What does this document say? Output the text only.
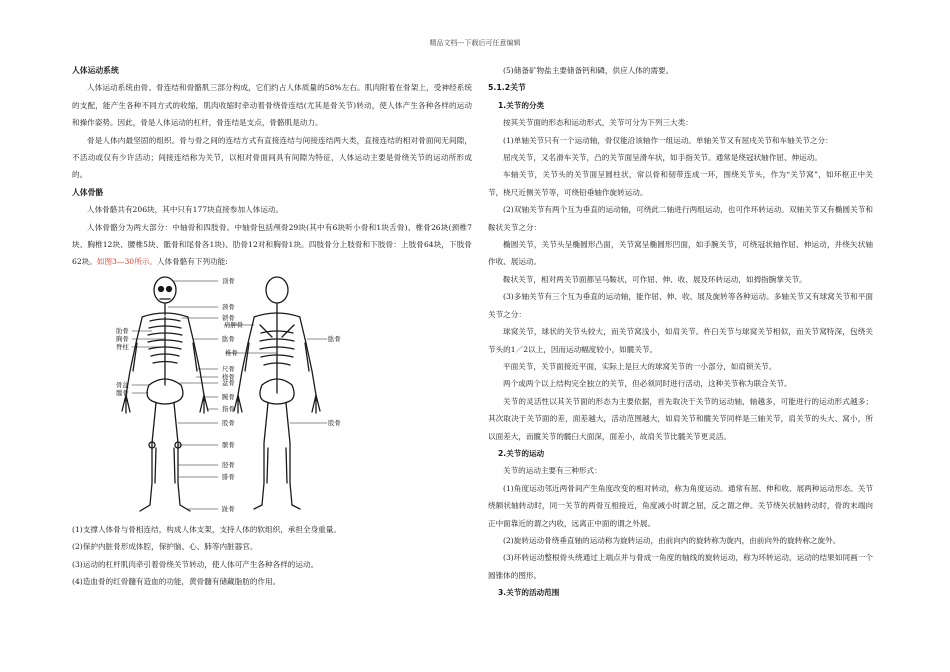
精品文档---下载后可任意编辑

人体运动系统

人体运动系统由骨、骨连结和骨骼肌三部分构成，它们约占人体质量的58%左右。肌肉附着在骨架上，受神经系统的支配，能产生各种不同方式的收缩，肌肉收缩时牵动着骨绕骨连结(尤其是骨关节)转动，使人体产生各种各样的运动和操作姿势。因此，骨是人体运动的杠杆，骨连结是支点，骨骼肌是动力。

骨是人体内最坚固的组织。骨与骨之间的连结方式有直接连结与间接连结两大类，直接连结的相对骨面间无间隙，不活动或仅有少许活动；间接连结称为关节，以相对骨面间具有间隙为特征，人体运动主要是骨绕关节的运动所形成的。

人体骨骼

人体骨骼共有206块，其中只有177块直接参加人体运动。

人体骨骼分为两大部分：中轴骨和四肢骨。中轴骨包括颅骨29块(其中有6块听小骨和1块舌骨)、椎骨26块(颈椎7块、胸椎12块、腰椎5块、骶骨和尾骨各1块)、肋骨12对和胸骨1块。四肢骨分上肢骨和下肢骨：上肢骨64块，下肢骨62块。如图3—30所示。人体骨骼有下列功能:

顶骨
颈骨
锁骨
肩胛骨
肱骨
椎骨
盆骨
尺骨
桡骨
腕骨
指骨
股骨
髌骨
胫骨
腓骨
趾骨
肋骨
胸骨
脊柱
骨盆
髋骨
肱骨
股骨

(1)支撑人体骨与骨相连结，构成人体支架，支持人体的软组织，承担全身重量。

(2)保护内脏骨形成体腔，保护脑、心、肺等内脏器官。

(3)运动的杠杆肌肉牵引着骨绕关节转动，使人体可产生各种各样的运动。

(4)造血骨的红骨髓有造血的功能，黄骨髓有储藏脂肪的作用。

(5)储备矿物盐主要储备钙和磷，供应人体的需要。

5.1.2关节

1.关节的分类

按其关节面的形态和运动形式，关节可分为下列三大类：

(1)单轴关节只有一个运动轴，骨仅能沿该轴作一组运动。单轴关节又有屈戌关节和车轴关节之分：

屈戌关节，又名滑车关节，凸的关节面呈滑车状，如手指关节。通常是绕冠状轴作屈、伸运动。

车轴关节，关节头的关节面呈圆柱状，常以骨和韧带连成一环，围绕关节头，作为“关节窝”，如环枢正中关节，桡尺近侧关节等，可绕铅垂轴作旋转运动。

(2)双轴关节有两个互为垂直的运动轴，可绕此二轴进行两组运动，也可作环转运动。双轴关节又有椭圆关节和鞍状关节之分：

椭圆关节，关节头呈椭圆形凸面，关节窝呈椭圆形凹面，如手腕关节，可绕冠状轴作屈、伸运动，并绕矢状轴作收、展运动。

鞍状关节，相对两关节面都呈马鞍状，可作屈、伸、收、展及环转运动，如拇指腕掌关节。

(3)多轴关节有三个互为垂直的运动轴，能作屈、伸、收、展及旋转等各种运动。多轴关节又有球窝关节和平面关节之分：

球窝关节，球状的关节头较大，而关节窝浅小，如肩关节。杵臼关节与球窝关节相似，而关节窝特深，包绕关节头的1／2以上，因而运动幅度较小，如髋关节。

平面关节，关节面接近平面，实际上是巨大的球窝关节的一小部分，如肩锁关节。

两个或两个以上结构完全独立的关节，但必须同时进行活动，这种关节称为联合关节。

关节的灵活性以其关节面的形态为主要依据，首先取决于关节的运动轴，轴越多，可能进行的运动形式越多；其次取决于关节面的差，面差越大，活动范围越大，如肩关节和髋关节同样是三轴关节，肩关节的头大、窝小，所以面差大，而髋关节的髋臼大面深，面差小，故肩关节比髋关节更灵活。

2.关节的运动

关节的运动主要有三种形式：

(1)角度运动邻近两骨间产生角度改变的相对转动，称为角度运动。通常有屈、伸和收、展两种运动形态。关节绕额状轴转动时，同一关节的两骨互相接近，角度减小时谓之屈，反之谓之伸。关节绕矢状轴转动时，骨的末端向正中面靠近的谓之内收，远离正中面的谓之外展。

(2)旋转运动骨绕垂直轴的运动称为旋转运动，由前向内的旋转称为旋内，由前向外的旋转称之旋外。

(3)环转运动整根骨头绕通过上端点并与骨成一角度的轴线的旋转运动，称为环转运动，运动的结果如同画一个圆锥体的图形。

3.关节的活动范围
